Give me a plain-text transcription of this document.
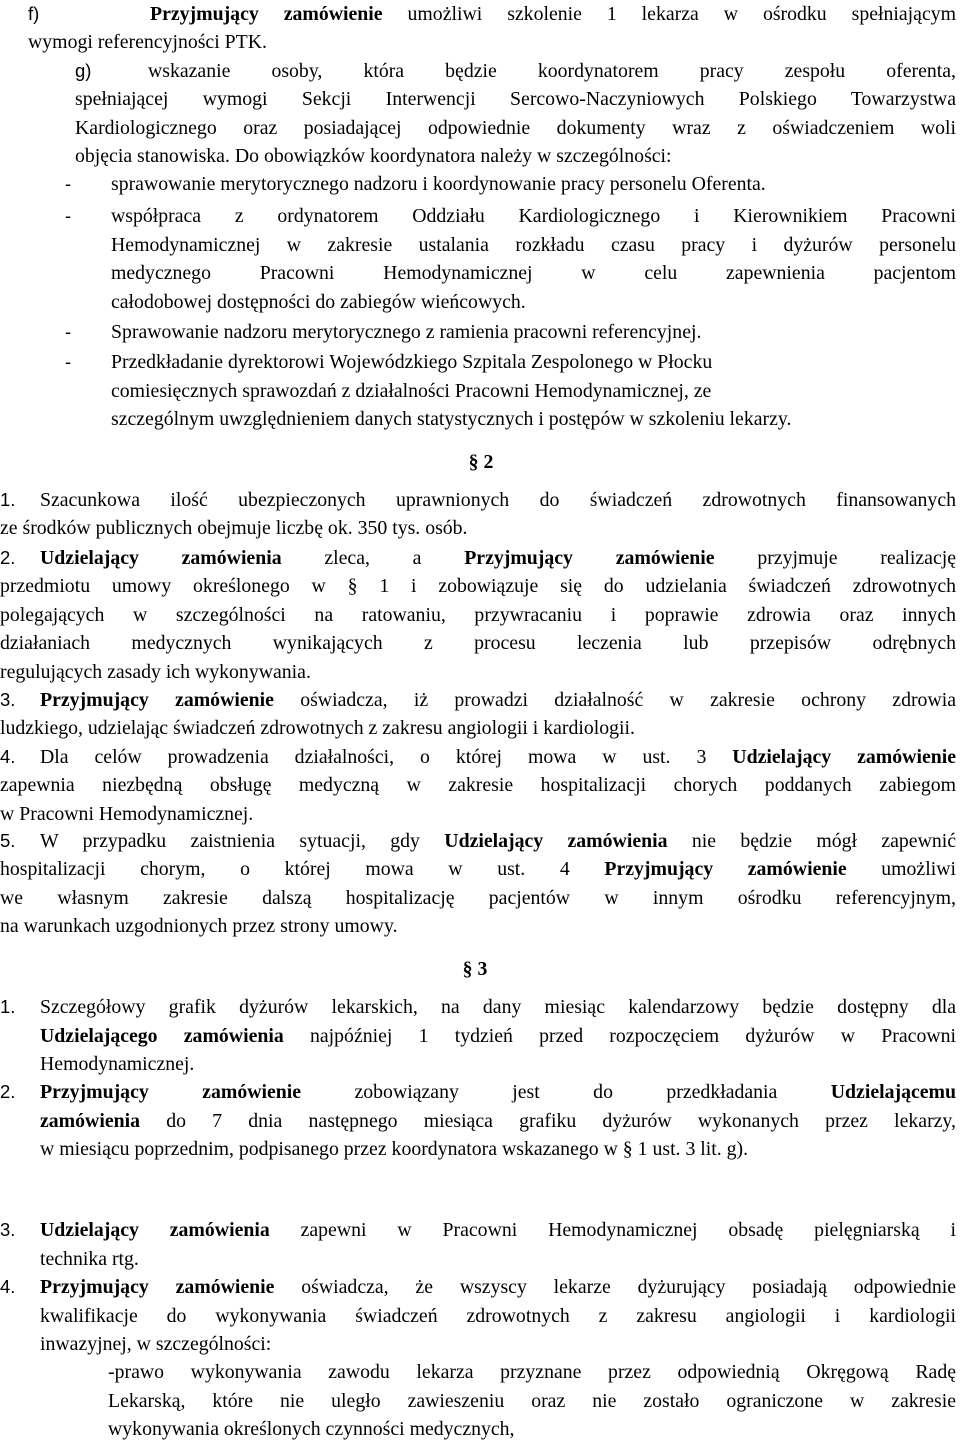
f)	Przyjmujący zamówienie umożliwi szkolenie 1 lekarza w ośrodku spełniającym
wymogi referencyjności PTK.
g)	wskazanie osoby, która będzie koordynatorem pracy zespołu oferenta,
spełniającej wymogi Sekcji Interwencji Sercowo-Naczyniowych Polskiego Towarzystwa
Kardiologicznego oraz posiadającej odpowiednie dokumenty wraz z oświadczeniem woli
objęcia stanowiska. Do obowiązków koordynatora należy w szczególności:
- sprawowanie merytorycznego nadzoru i koordynowanie pracy personelu Oferenta.
- współpraca z ordynatorem Oddziału Kardiologicznego i Kierownikiem Pracowni
Hemodynamicznej w zakresie ustalania rozkładu czasu pracy i dyżurów personelu
medycznego Pracowni Hemodynamicznej w celu zapewnienia pacjentom
całodobowej dostępności do zabiegów wieńcowych.
- Sprawowanie nadzoru merytorycznego z ramienia pracowni referencyjnej.
- Przedkładanie dyrektorowi Wojewódzkiego Szpitala Zespolonego w Płocku
comiesięcznych sprawozdań z działalności Pracowni Hemodynamicznej, ze
szczególnym uwzględnieniem danych statystycznych i postępów w szkoleniu lekarzy.
§ 2
1. Szacunkowa ilość ubezpieczonych uprawnionych do świadczeń zdrowotnych finansowanych
ze środków publicznych obejmuje liczbę ok. 350 tys. osób.
2. Udzielający zamówienia zleca, a Przyjmujący zamówienie przyjmuje realizację
przedmiotu umowy określonego w § 1 i zobowiązuje się do udzielania świadczeń zdrowotnych
polegających w szczególności na ratowaniu, przywracaniu i poprawie zdrowia oraz innych
działaniach medycznych wynikających z procesu leczenia lub przepisów odrębnych
regulujących zasady ich wykonywania.
3. Przyjmujący zamówienie oświadcza, iż prowadzi działalność w zakresie ochrony zdrowia
ludzkiego, udzielając świadczeń zdrowotnych z zakresu angiologii i kardiologii.
4. Dla celów prowadzenia działalności, o której mowa w ust. 3 Udzielający zamówienie
zapewnia niezbędną obsługę medyczną w zakresie hospitalizacji chorych poddanych zabiegom
w Pracowni Hemodynamicznej.
5. W przypadku zaistnienia sytuacji, gdy Udzielający zamówienia nie będzie mógł zapewnić
hospitalizacji chorym, o której mowa w ust. 4 Przyjmujący zamówienie umożliwi
we własnym zakresie dalszą hospitalizację pacjentów w innym ośrodku referencyjnym,
na warunkach uzgodnionych przez strony umowy.
§ 3
1. Szczegółowy grafik dyżurów lekarskich, na dany miesiąc kalendarzowy będzie dostępny dla
Udzielającego zamówienia najpóźniej 1 tydzień przed rozpoczęciem dyżurów w Pracowni
Hemodynamicznej.
2. Przyjmujący zamówienie	zobowiązany jest do przedkładania	Udzielającemu
zamówienia do 7 dnia następnego miesiąca grafiku dyżurów wykonanych przez lekarzy,
w miesiącu poprzednim, podpisanego przez koordynatora wskazanego w § 1 ust. 3 lit. g).
3. Udzielający zamówienia zapewni w Pracowni Hemodynamicznej obsadę pielęgniarską i
technika rtg.
4. Przyjmujący zamówienie oświadcza, że wszyscy lekarze dyżurujący posiadają odpowiednie
kwalifikacje do wykonywania świadczeń zdrowotnych z zakresu angiologii i kardiologii
inwazyjnej, w szczególności:
-prawo wykonywania zawodu lekarza przyznane przez odpowiednią Okręgową Radę
Lekarską, które nie uległo zawieszeniu oraz nie zostało ograniczone w zakresie
wykonywania określonych czynności medycznych,
